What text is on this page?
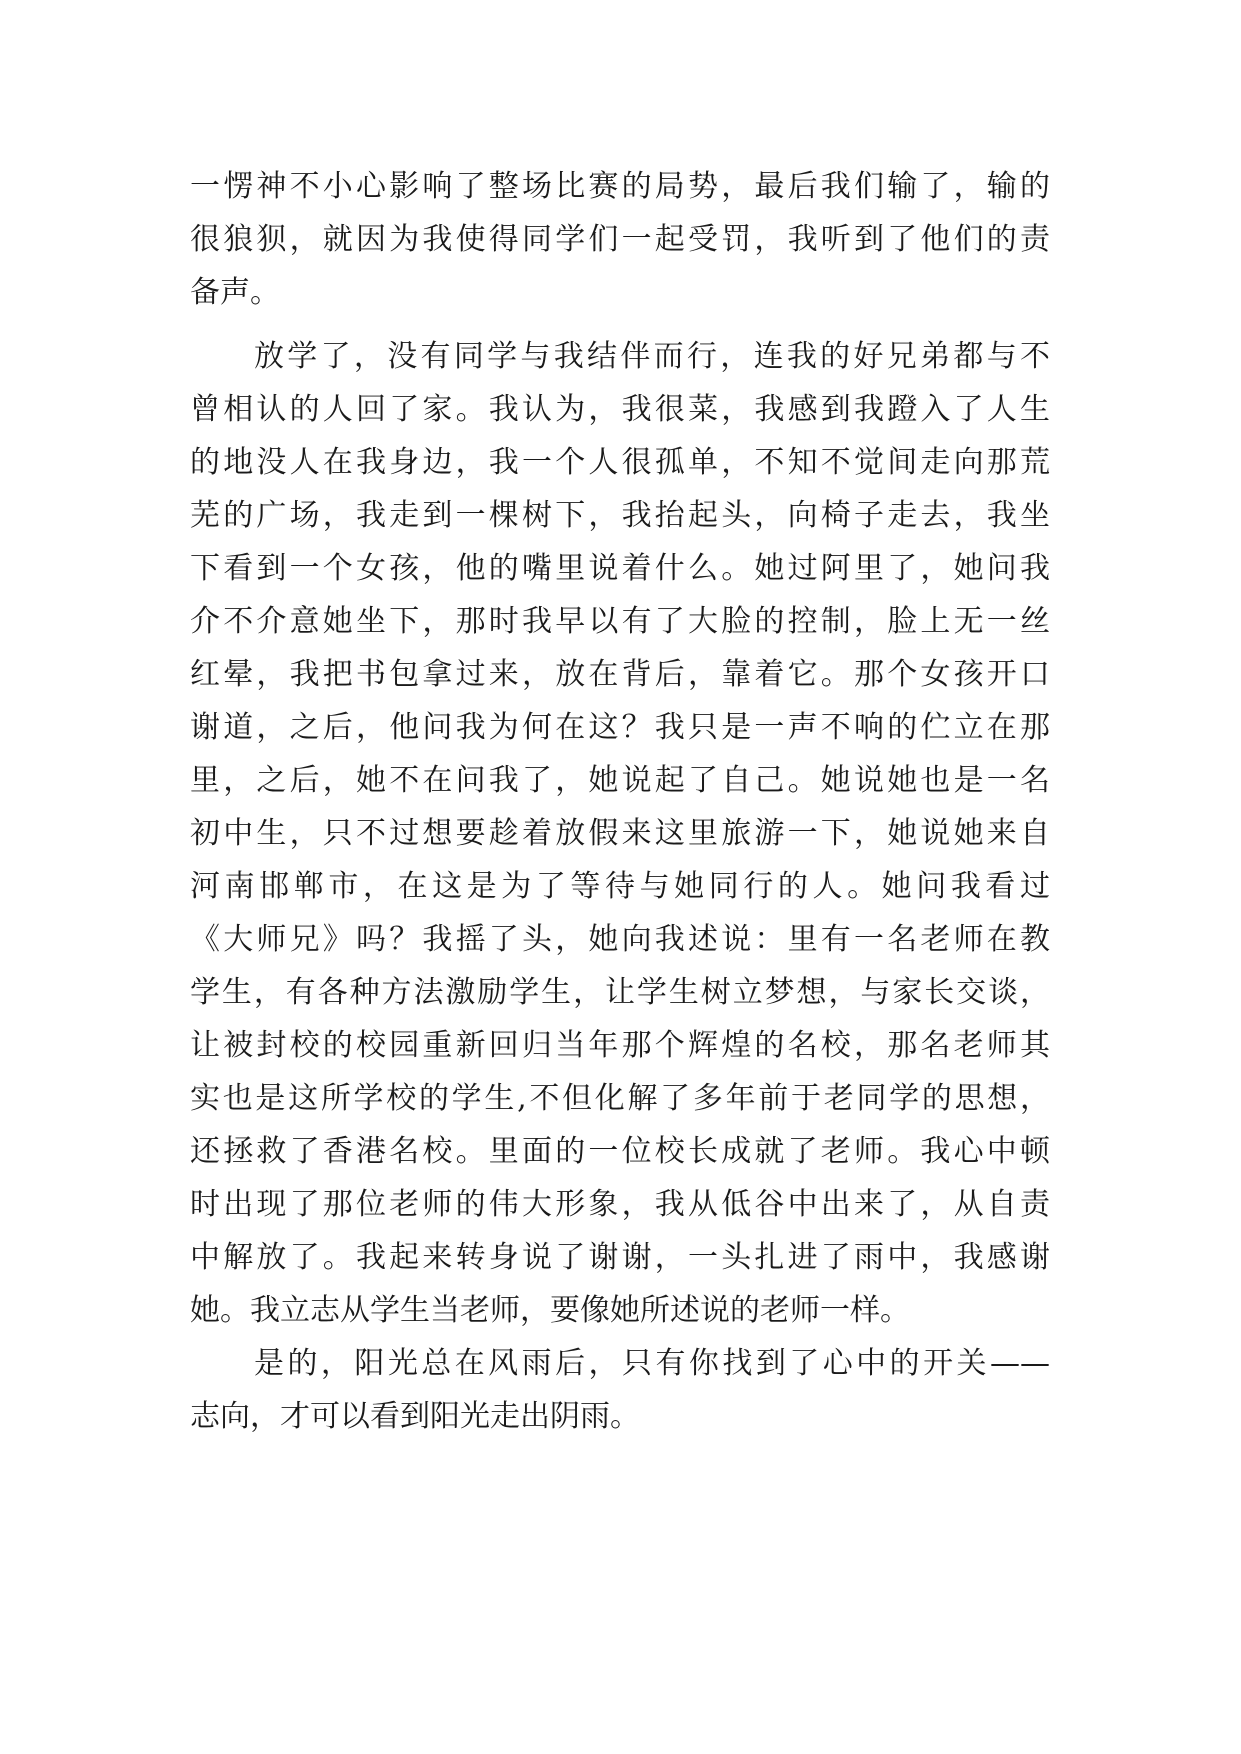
一愣神不小心影响了整场比赛的局势，最后我们输了，输的
很狼狈，就因为我使得同学们一起受罚，我听到了他们的责
备声。
放学了，没有同学与我结伴而行，连我的好兄弟都与不
曾相认的人回了家。我认为，我很菜，我感到我蹬入了人生
的地没人在我身边，我一个人很孤单，不知不觉间走向那荒
芜的广场，我走到一棵树下，我抬起头，向椅子走去，我坐
下看到一个女孩，他的嘴里说着什么。她过阿里了，她问我
介不介意她坐下，那时我早以有了大脸的控制，脸上无一丝
红晕，我把书包拿过来，放在背后，靠着它。那个女孩开口
谢道，之后，他问我为何在这？我只是一声不响的伫立在那
里，之后，她不在问我了，她说起了自己。她说她也是一名
初中生，只不过想要趁着放假来这里旅游一下，她说她来自
河南邯郸市，在这是为了等待与她同行的人。她问我看过
《大师兄》吗？我摇了头，她向我述说：里有一名老师在教
学生，有各种方法激励学生，让学生树立梦想，与家长交谈，
让被封校的校园重新回归当年那个辉煌的名校，那名老师其
实也是这所学校的学生,不但化解了多年前于老同学的思想，
还拯救了香港名校。里面的一位校长成就了老师。我心中顿
时出现了那位老师的伟大形象，我从低谷中出来了，从自责
中解放了。我起来转身说了谢谢，一头扎进了雨中，我感谢
她。我立志从学生当老师，要像她所述说的老师一样。
是的，阳光总在风雨后，只有你找到了心中的开关——
志向，才可以看到阳光走出阴雨。
